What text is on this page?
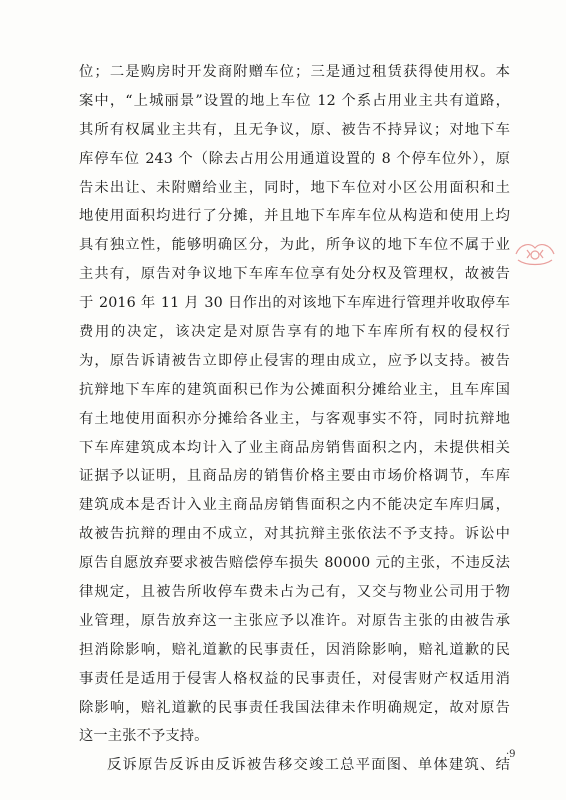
位；二是购房时开发商附赠车位；三是通过租赁获得使用权。本
案中，“上城丽景”设置的地上车位 12 个系占用业主共有道路，
其所有权属业主共有，且无争议，原、被告不持异议；对地下车
库停车位 243 个（除去占用公用通道设置的 8 个停车位外），原
告未出让、未附赠给业主，同时，地下车位对小区公用面积和土
地使用面积均进行了分摊，并且地下车库车位从构造和使用上均
具有独立性，能够明确区分，为此，所争议的地下车位不属于业
主共有，原告对争议地下车库车位享有处分权及管理权，故被告
于 2016 年 11 月 30 日作出的对该地下车库进行管理并收取停车
费用的决定，该决定是对原告享有的地下车库所有权的侵权行
为，原告诉请被告立即停止侵害的理由成立，应予以支持。被告
抗辩地下车库的建筑面积已作为公摊面积分摊给业主，且车库国
有土地使用面积亦分摊给各业主，与客观事实不符，同时抗辩地
下车库建筑成本均计入了业主商品房销售面积之内，未提供相关
证据予以证明，且商品房的销售价格主要由市场价格调节，车库
建筑成本是否计入业主商品房销售面积之内不能决定车库归属，
故被告抗辩的理由不成立，对其抗辩主张依法不予支持。诉讼中
原告自愿放弃要求被告赔偿停车损失 80000 元的主张，不违反法
律规定，且被告所收停车费未占为己有，又交与物业公司用于物
业管理，原告放弃这一主张应予以准许。对原告主张的由被告承
担消除影响，赔礼道歉的民事责任，因消除影响，赔礼道歉的民
事责任是适用于侵害人格权益的民事责任，对侵害财产权适用消
除影响，赔礼道歉的民事责任我国法律未作明确规定，故对原告
这一主张不予支持。
反诉原告反诉由反诉被告移交竣工总平面图、单体建筑、结
·9
